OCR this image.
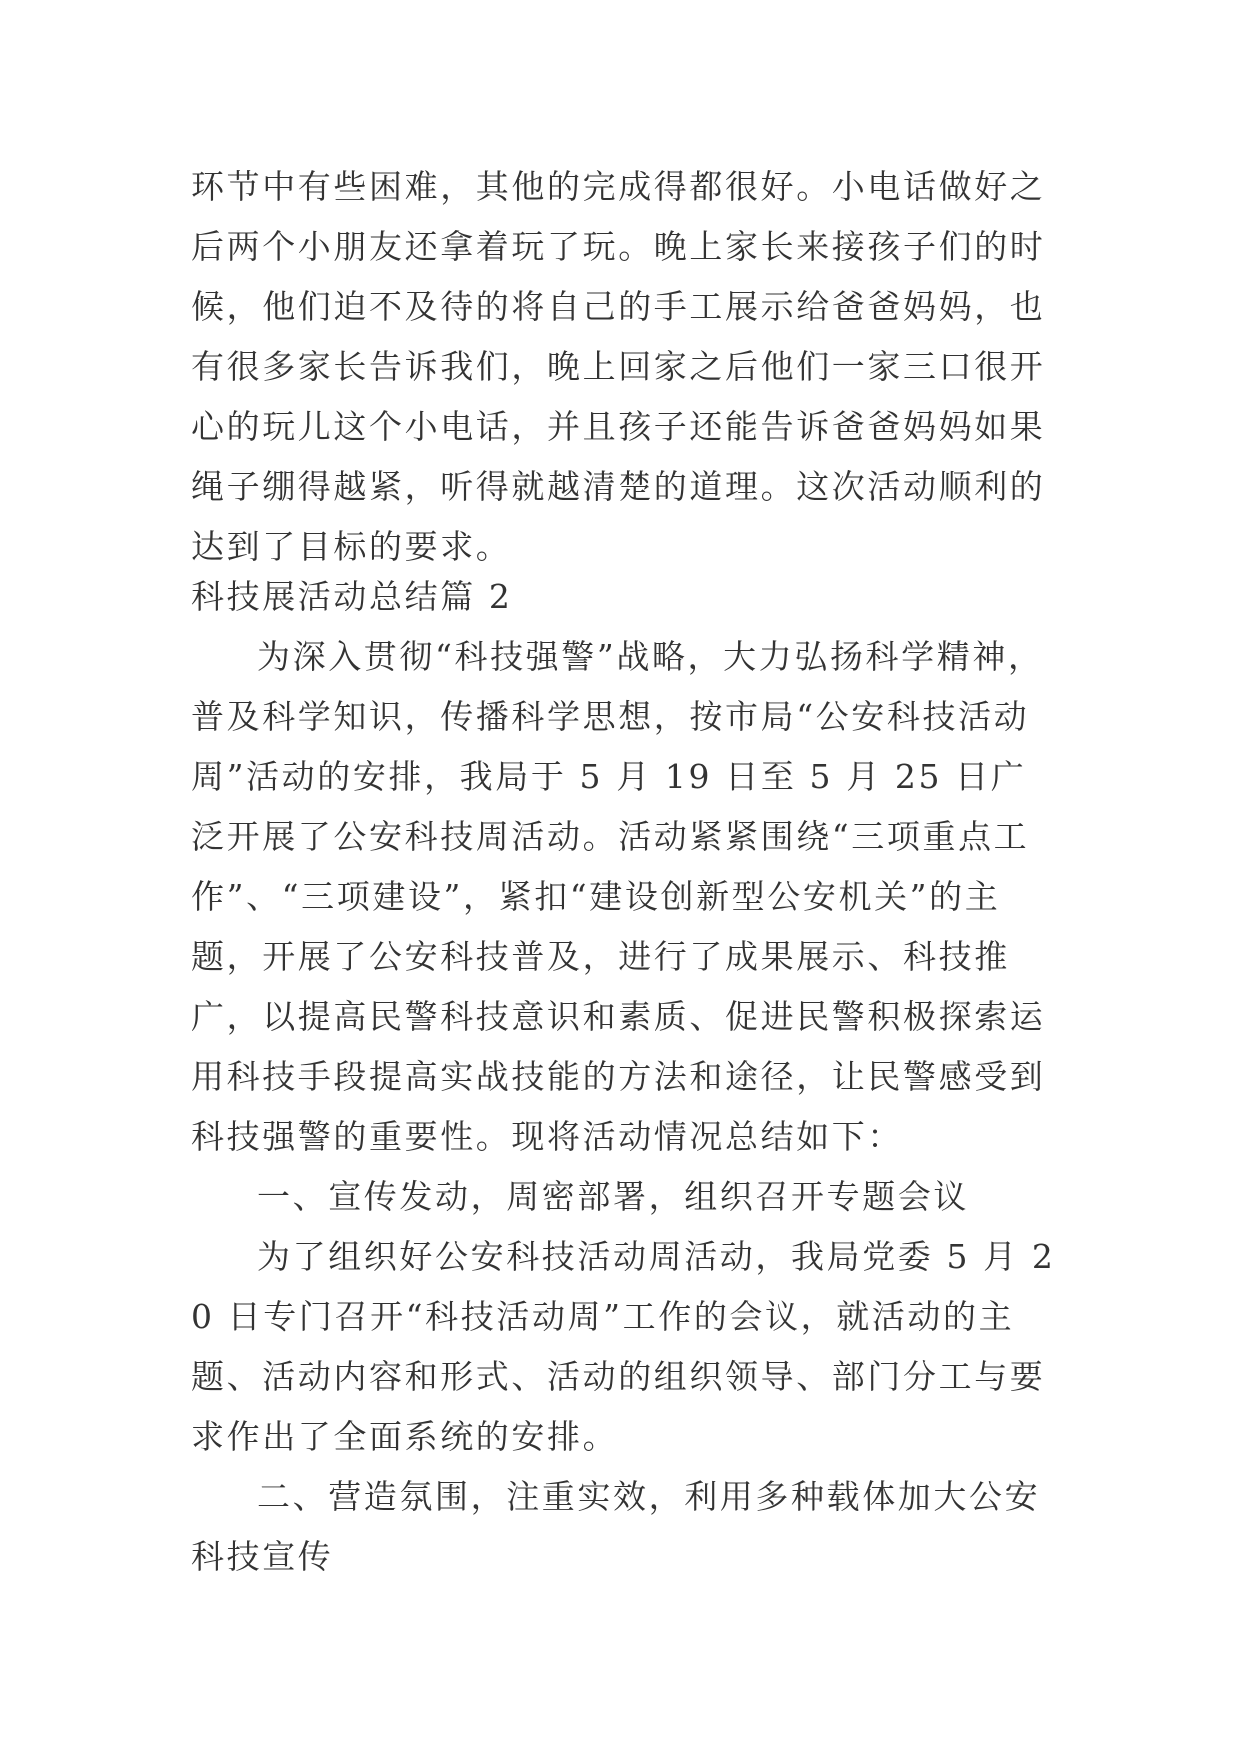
环节中有些困难，其他的完成得都很好。小电话做好之后两个小朋友还拿着玩了玩。晚上家长来接孩子们的时候，他们迫不及待的将自己的手工展示给爸爸妈妈，也有很多家长告诉我们，晚上回家之后他们一家三口很开心的玩儿这个小电话，并且孩子还能告诉爸爸妈妈如果绳子绷得越紧，听得就越清楚的道理。这次活动顺利的达到了目标的要求。
科技展活动总结篇 2
为深入贯彻“科技强警”战略，大力弘扬科学精神，普及科学知识，传播科学思想，按市局“公安科技活动周”活动的安排，我局于 5 月 19 日至 5 月 25 日广泛开展了公安科技周活动。活动紧紧围绕“三项重点工作”、“三项建设”，紧扣“建设创新型公安机关”的主题，开展了公安科技普及，进行了成果展示、科技推广，以提高民警科技意识和素质、促进民警积极探索运用科技手段提高实战技能的方法和途径，让民警感受到科技强警的重要性。现将活动情况总结如下：
一、宣传发动，周密部署，组织召开专题会议
为了组织好公安科技活动周活动，我局党委 5 月 20 日专门召开“科技活动周”工作的会议，就活动的主题、活动内容和形式、活动的组织领导、部门分工与要求作出了全面系统的安排。
二、营造氛围，注重实效，利用多种载体加大公安科技宣传
